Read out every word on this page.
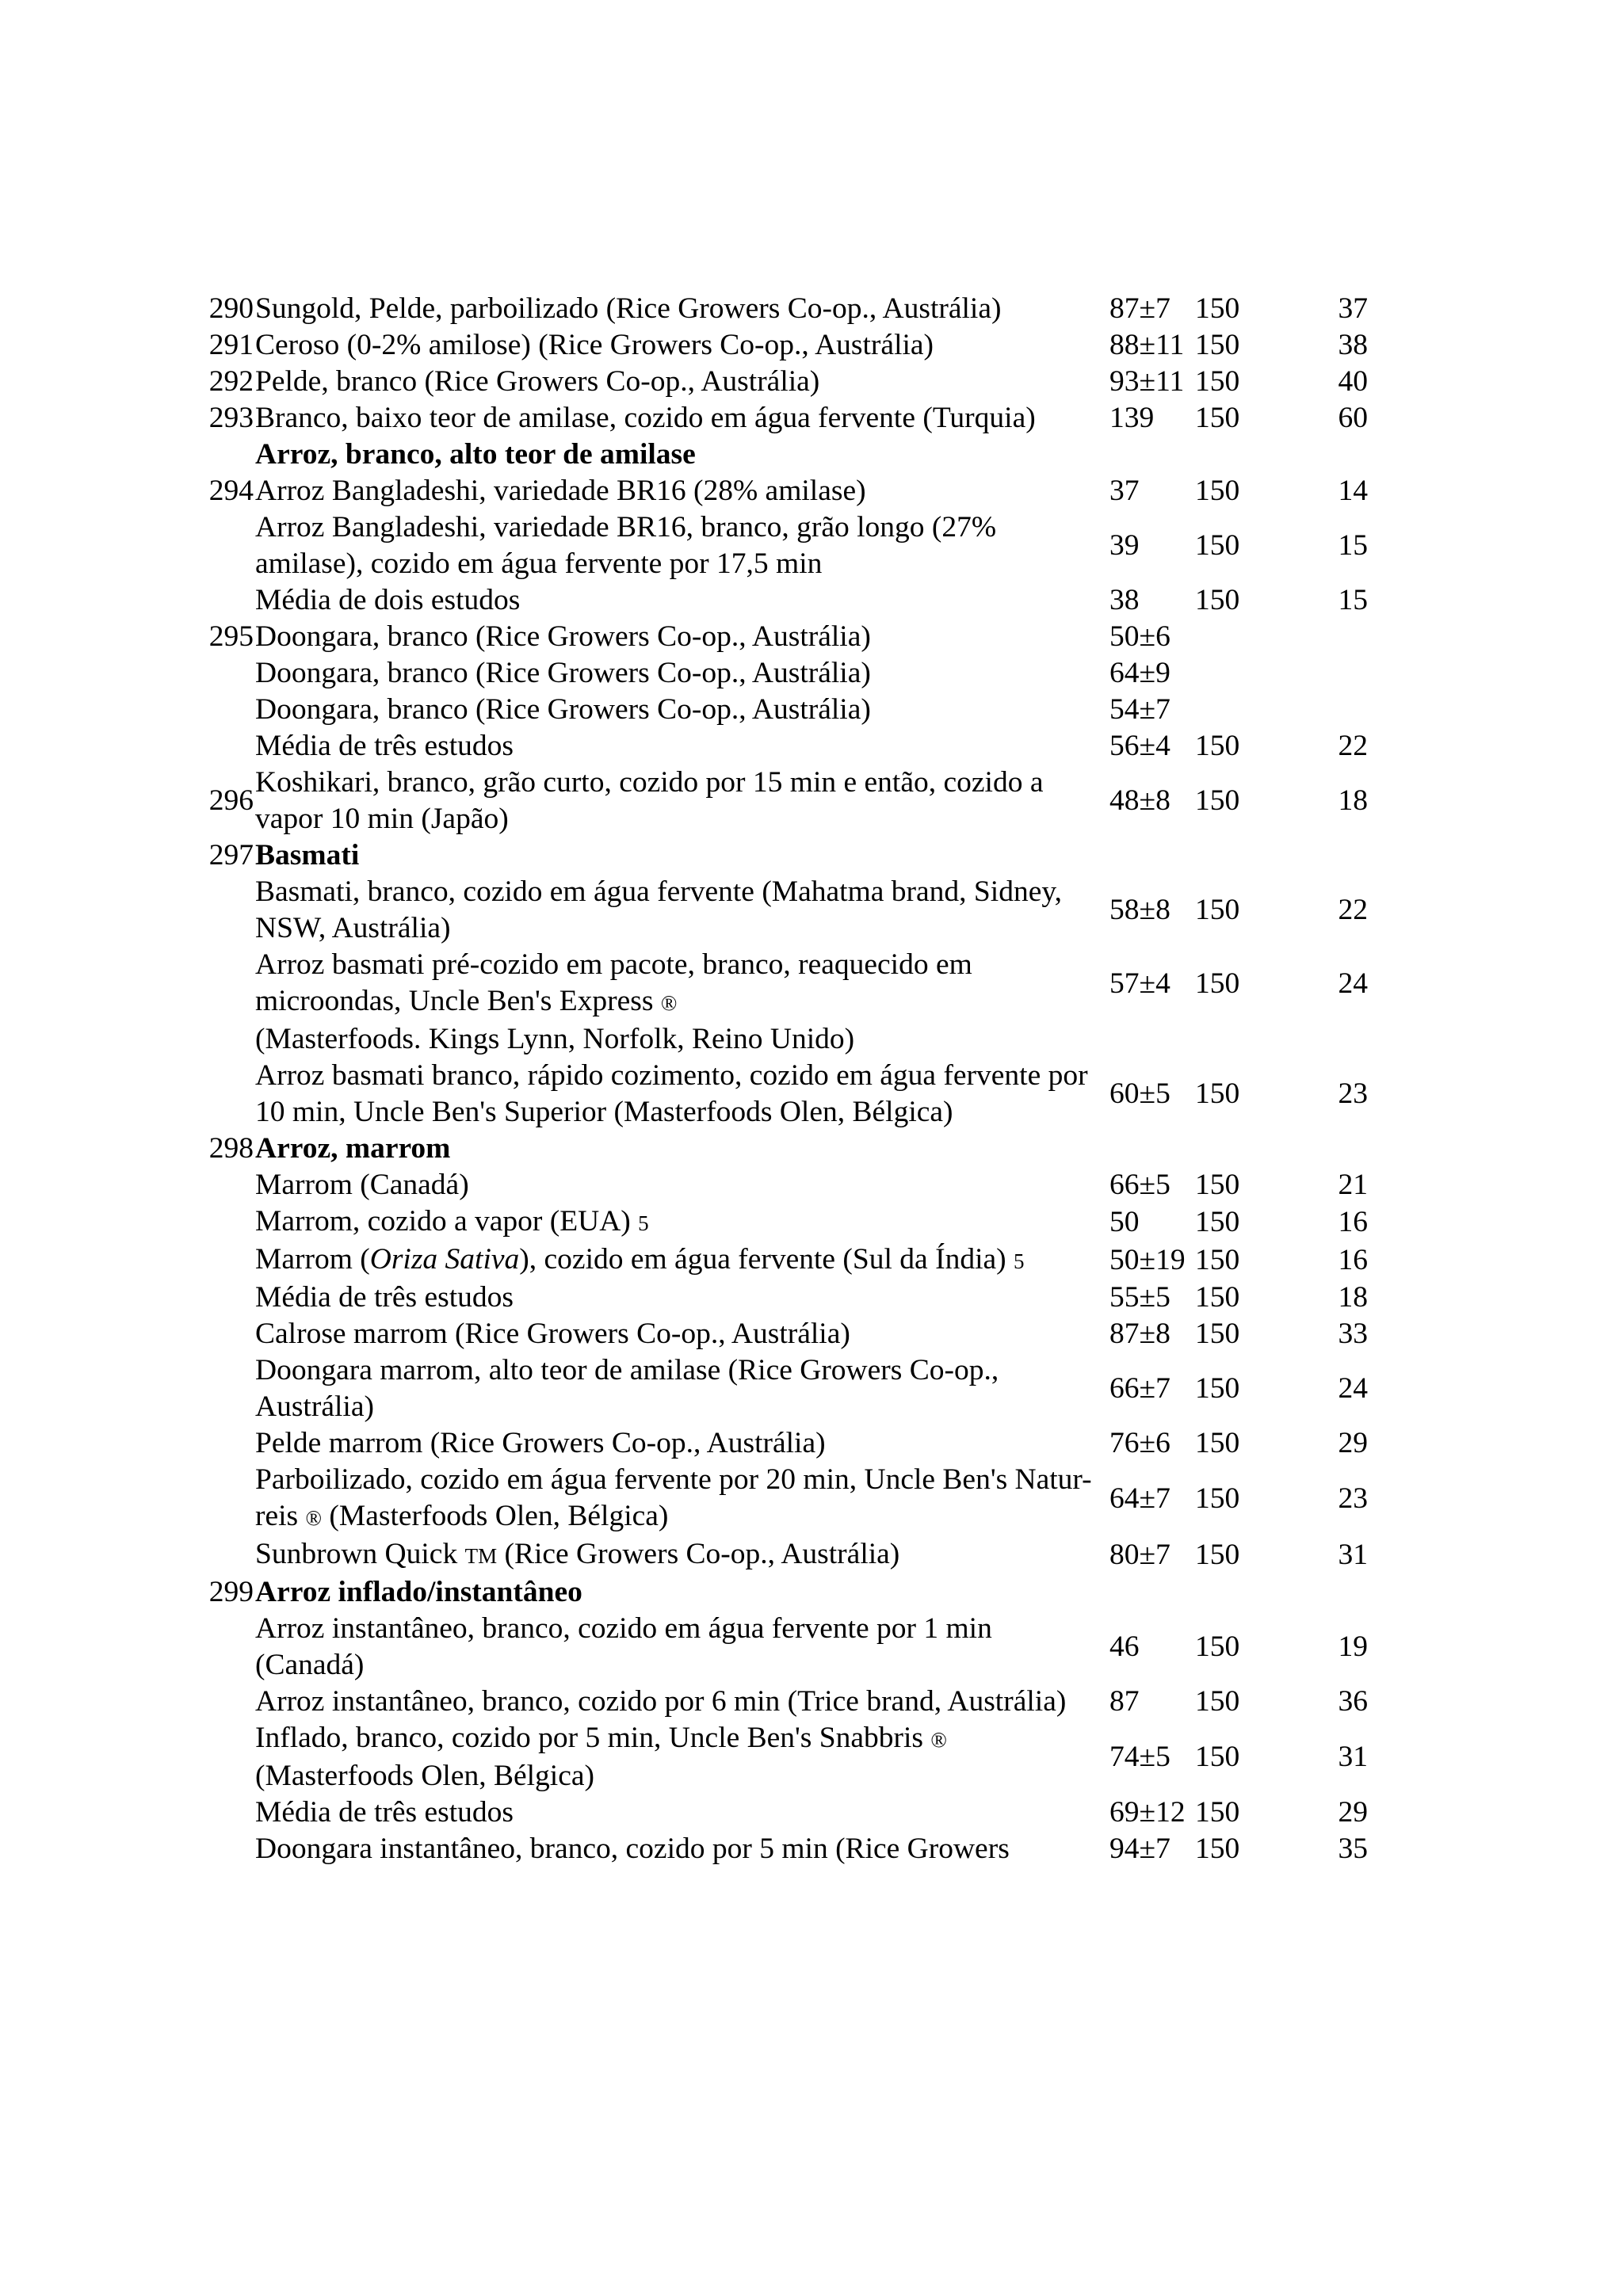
290	Sungold, Pelde, parboilizado (Rice Growers Co-op., Austrália)	87±7	150	37
291	Ceroso (0-2% amilose) (Rice Growers Co-op., Austrália)	88±11	150	38
292	Pelde, branco (Rice Growers Co-op., Austrália)	93±11	150	40
293	Branco, baixo teor de amilase, cozido em água fervente (Turquia)	139	150	60
	Arroz, branco, alto teor de amilase			
294	Arroz Bangladeshi, variedade BR16 (28% amilase)	37	150	14
	Arroz Bangladeshi, variedade BR16, branco, grão longo (27% amilase), cozido em água fervente por 17,5 min	39	150	15
	Média de dois estudos	38	150	15
295	Doongara, branco (Rice Growers Co-op., Austrália)	50±6		
	Doongara, branco (Rice Growers Co-op., Austrália)	64±9		
	Doongara, branco (Rice Growers Co-op., Austrália)	54±7		
	Média de três estudos	56±4	150	22
296	Koshikari, branco, grão curto, cozido por 15 min e então, cozido a vapor 10 min (Japão)	48±8	150	18
297	Basmati			
	Basmati, branco, cozido em água fervente (Mahatma brand, Sidney, NSW, Austrália)	58±8	150	22
	Arroz basmati pré-cozido em pacote, branco, reaquecido em microondas, Uncle Ben's Express ®	57±4	150	24
	(Masterfoods. Kings Lynn, Norfolk, Reino Unido)			
	Arroz basmati branco, rápido cozimento, cozido em água fervente por 10 min, Uncle Ben's Superior (Masterfoods Olen, Bélgica)	60±5	150	23
298	Arroz, marrom			
	Marrom (Canadá)	66±5	150	21
	Marrom, cozido a vapor (EUA) 5	50	150	16
	Marrom (Oriza Sativa), cozido em água fervente (Sul da Índia) 5	50±19	150	16
	Média de três estudos	55±5	150	18
	Calrose marrom (Rice Growers Co-op., Austrália)	87±8	150	33
	Doongara marrom, alto teor de amilase (Rice Growers Co-op., Austrália)	66±7	150	24
	Pelde marrom (Rice Growers Co-op., Austrália)	76±6	150	29
	Parboilizado, cozido em água fervente por 20 min, Uncle Ben's Natur-reis ® (Masterfoods Olen, Bélgica)	64±7	150	23
	Sunbrown Quick TM (Rice Growers Co-op., Austrália)	80±7	150	31
299	Arroz inflado/instantâneo			
	Arroz instantâneo, branco, cozido em água fervente por 1 min (Canadá)	46	150	19
	Arroz instantâneo, branco, cozido por 6 min (Trice brand, Austrália)	87	150	36
	Inflado, branco, cozido por 5 min, Uncle Ben's Snabbris ®
(Masterfoods Olen, Bélgica)	74±5	150	31
	Média de três estudos	69±12	150	29
	Doongara instantâneo, branco, cozido por 5 min (Rice Growers	94±7	150	35
